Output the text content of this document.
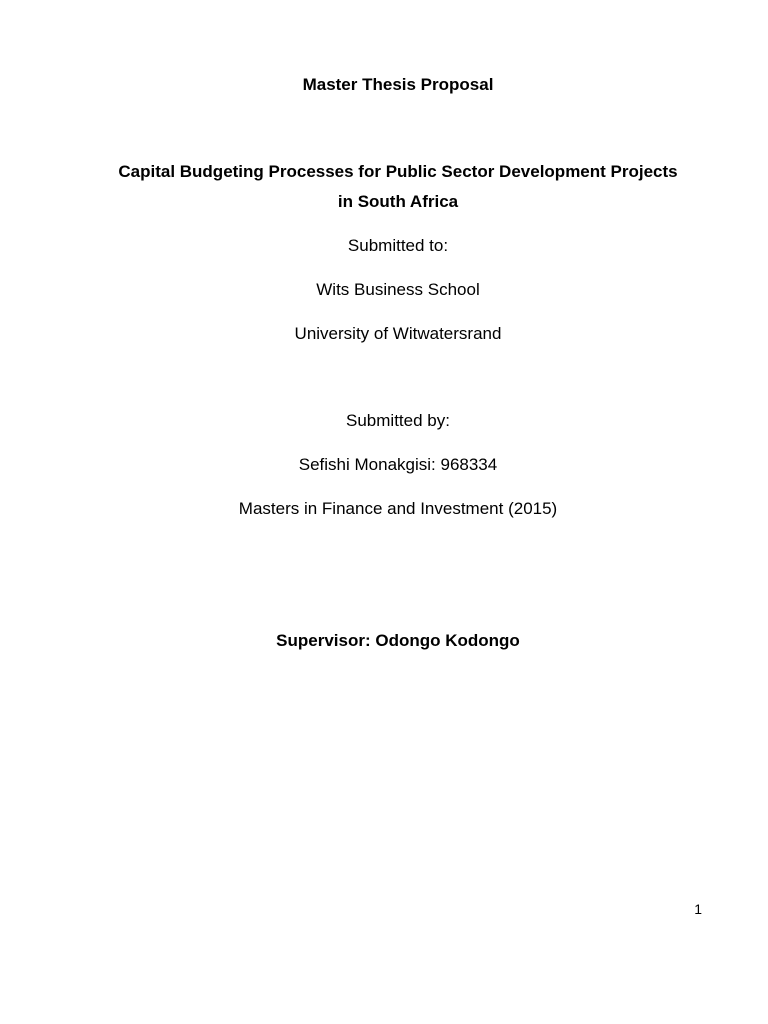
Master Thesis Proposal
Capital Budgeting Processes for Public Sector Development Projects
in South Africa
Submitted to:
Wits Business School
University of Witwatersrand
Submitted by:
Sefishi Monakgisi: 968334
Masters in Finance and Investment (2015)
Supervisor: Odongo Kodongo
1
